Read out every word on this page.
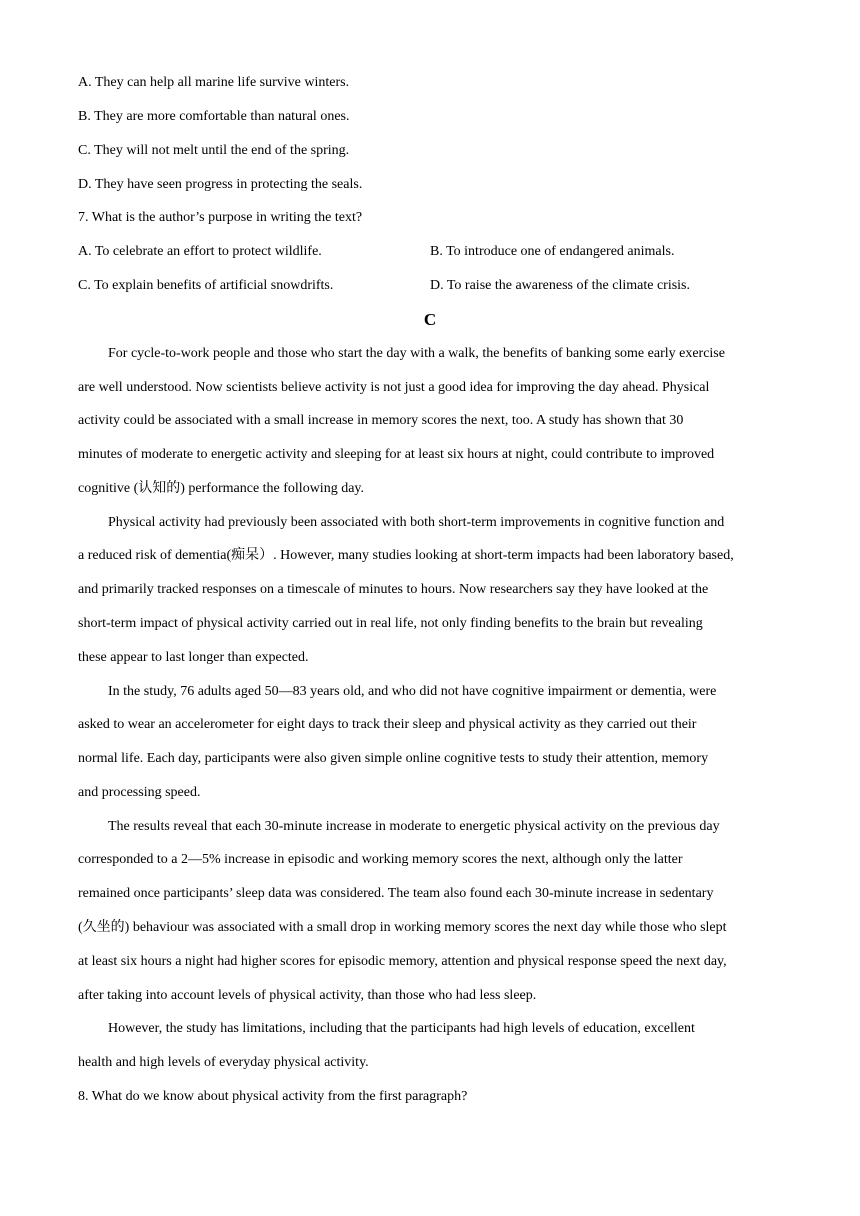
A. They can help all marine life survive winters.
B. They are more comfortable than natural ones.
C. They will not melt until the end of the spring.
D. They have seen progress in protecting the seals.
7. What is the author’s purpose in writing the text?
A. To celebrate an effort to protect wildlife.	B. To introduce one of endangered animals.
C. To explain benefits of artificial snowdrifts.	D. To raise the awareness of the climate crisis.
C
For cycle-to-work people and those who start the day with a walk, the benefits of banking some early exercise
are well understood. Now scientists believe activity is not just a good idea for improving the day ahead. Physical
activity could be associated with a small increase in memory scores the next, too. A study has shown that 30
minutes of moderate to energetic activity and sleeping for at least six hours at night, could contribute to improved
cognitive (认知的) performance the following day.
Physical activity had previously been associated with both short-term improvements in cognitive function and
a reduced risk of dementia(痴呆）. However, many studies looking at short-term impacts had been laboratory based,
and primarily tracked responses on a timescale of minutes to hours. Now researchers say they have looked at the
short-term impact of physical activity carried out in real life, not only finding benefits to the brain but revealing
these appear to last longer than expected.
In the study, 76 adults aged 50—83 years old, and who did not have cognitive impairment or dementia, were
asked to wear an accelerometer for eight days to track their sleep and physical activity as they carried out their
normal life. Each day, participants were also given simple online cognitive tests to study their attention, memory
and processing speed.
The results reveal that each 30-minute increase in moderate to energetic physical activity on the previous day
corresponded to a 2—5% increase in episodic and working memory scores the next, although only the latter
remained once participants’ sleep data was considered. The team also found each 30-minute increase in sedentary
(久坐的) behaviour was associated with a small drop in working memory scores the next day while those who slept
at least six hours a night had higher scores for episodic memory, attention and physical response speed the next day,
after taking into account levels of physical activity, than those who had less sleep.
However, the study has limitations, including that the participants had high levels of education, excellent
health and high levels of everyday physical activity.
8. What do we know about physical activity from the first paragraph?
